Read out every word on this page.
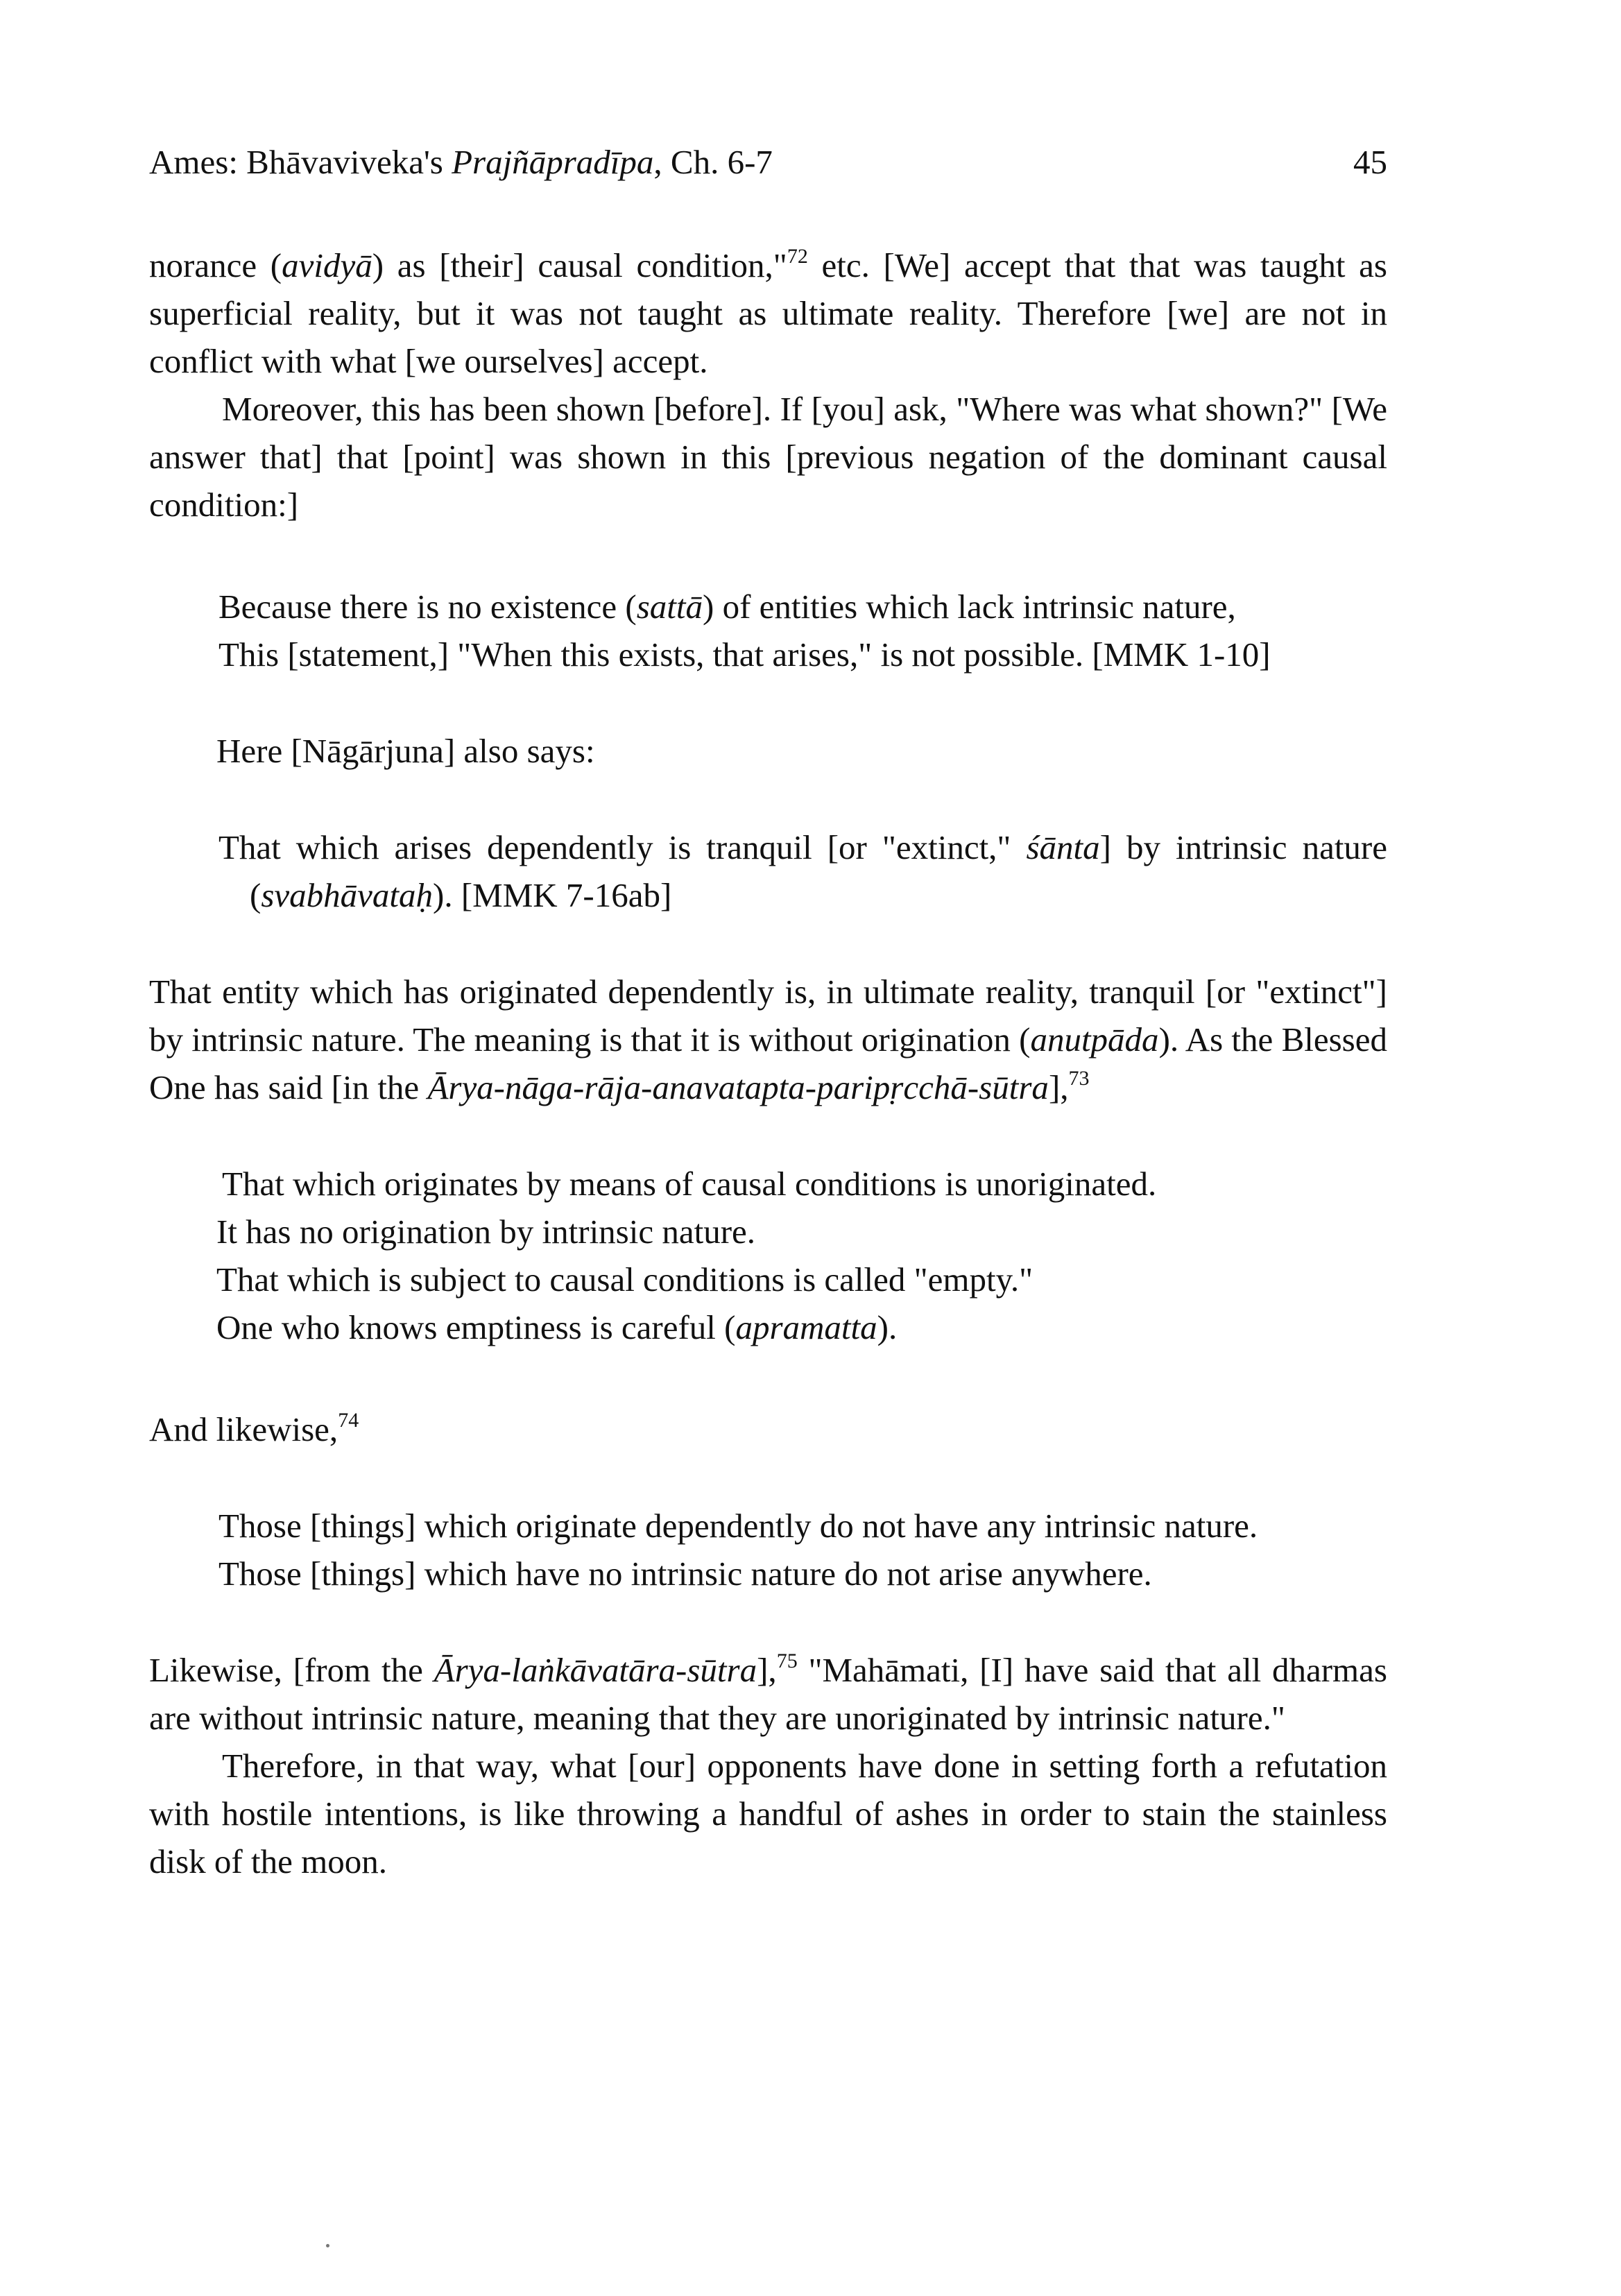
Ames: Bhāvaviveka's Prajñāpradīpa, Ch. 6-7	45

norance (avidyā) as [their] causal condition,"$^{72}$ etc. [We] accept that that was taught as superficial reality, but it was not taught as ultimate reality. Therefore [we] are not in conflict with what [we ourselves] accept.

Moreover, this has been shown [before]. If [you] ask, "Where was what shown?" [We answer that] that [point] was shown in this [previous negation of the dominant causal condition:]

Because there is no existence (sattā) of entities which lack intrinsic nature,
This [statement,] "When this exists, that arises," is not possible. [MMK 1-10]
Here [Nāgārjuna] also says:
That which arises dependently is tranquil [or "extinct," śānta] by intrinsic nature (svabhāvataḥ). [MMK 7-16ab]

That entity which has originated dependently is, in ultimate reality, tranquil [or "extinct"] by intrinsic nature. The meaning is that it is without origination (anutpāda). As the Blessed One has said [in the Ārya-nāga-rāja-anavatapta-paripṛcchā-sūtra],$^{73}$

That which originates by means of causal conditions is unoriginated.
It has no origination by intrinsic nature.
That which is subject to causal conditions is called "empty."
One who knows emptiness is careful (apramatta).

And likewise,$^{74}$

Those [things] which originate dependently do not have any intrinsic nature.
Those [things] which have no intrinsic nature do not arise anywhere.

Likewise, [from the Ārya-laṅkāvatāra-sūtra],$^{75}$ "Mahāmati, [I] have said that all dharmas are without intrinsic nature, meaning that they are unoriginated by intrinsic nature."

Therefore, in that way, what [our] opponents have done in setting forth a refutation with hostile intentions, is like throwing a handful of ashes in order to stain the stainless disk of the moon.
